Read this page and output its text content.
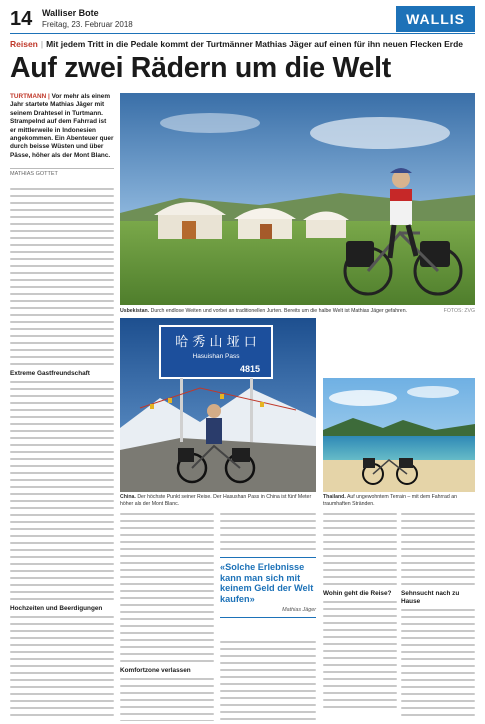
14 Walliser Bote
Freitag, 23. Februar 2018	WALLIS
Reisen | Mit jedem Tritt in die Pedale kommt der Turtmänner Mathias Jäger auf einen für ihn neuen Flecken Erde
Auf zwei Rädern um die Welt

TURTMANN | Vor mehr als einem Jahr startete Mathias Jäger mit seinem Drahtesel in Turtmann. Strampelnd auf dem Fahrrad ist er mittlerweile in Indonesien angekommen. Ein Abenteuer quer durch beisse Wüsten und über Pässe, höher als der Mont Blanc.

MATHIAS GOTTET
Extreme Gastfreundschaft
Hochzeiten und Beerdigungen
Usbekistan. Durch endlose Weiten und vorbei an traditionellen Jurten. Bereits um die halbe Welt ist Mathias Jäger gefahren.	FOTOS: ZVG
哈 秀 山 垭 口
Hasuishan Pass
4815
China. Der höchste Punkt seiner Reise. Der Hasushan Pass in China ist fünf Meter höher als der Mont Blanc.
Thailand. Auf ungewohntem Terrain – mit dem Fahrrad an traumhaften Stränden.
Komfortzone verlassen
«Solche Erlebnisse kann man sich mit keinem Geld der Welt kaufen»
Mathias Jäger
Wohin geht die Reise?	Sehnsucht nach zu Hause
